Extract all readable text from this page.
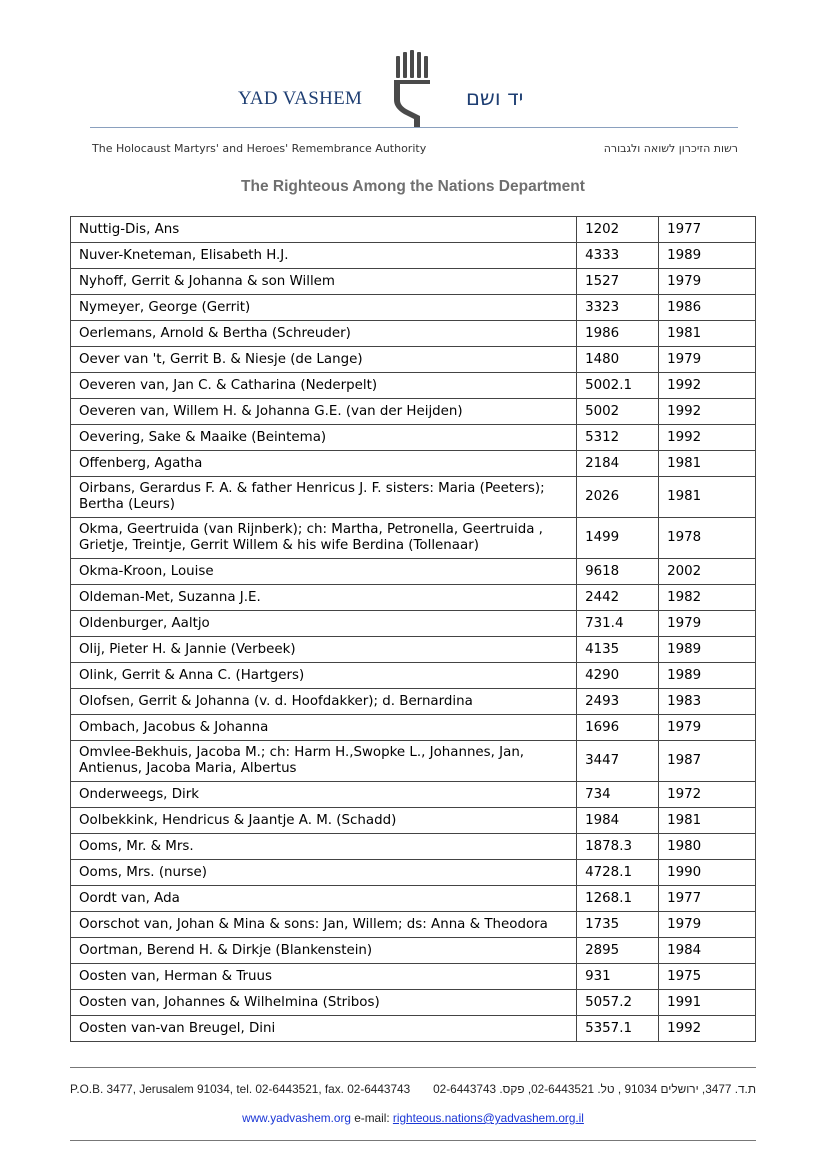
YAD VASHEM	יד ושם
The Holocaust Martyrs' and Heroes' Remembrance Authority	רשות הזיכרון לשואה ולגבורה
The Righteous Among the Nations Department
Nuttig-Dis, Ans	1202	1977
Nuver-Kneteman, Elisabeth H.J.	4333	1989
Nyhoff, Gerrit & Johanna & son Willem	1527	1979
Nymeyer, George (Gerrit)	3323	1986
Oerlemans, Arnold & Bertha (Schreuder)	1986	1981
Oever van 't, Gerrit B. & Niesje (de Lange)	1480	1979
Oeveren van, Jan C. & Catharina (Nederpelt)	5002.1	1992
Oeveren van, Willem H. & Johanna G.E. (van der Heijden)	5002	1992
Oevering, Sake & Maaike (Beintema)	5312	1992
Offenberg, Agatha	2184	1981
Oirbans, Gerardus F. A. & father Henricus J. F. sisters: Maria (Peeters); Bertha (Leurs)	2026	1981
Okma, Geertruida (van Rijnberk); ch: Martha, Petronella, Geertruida , Grietje, Treintje, Gerrit Willem & his wife Berdina (Tollenaar)	1499	1978
Okma-Kroon, Louise	9618	2002
Oldeman-Met, Suzanna J.E.	2442	1982
Oldenburger, Aaltjo	731.4	1979
Olij, Pieter H. & Jannie (Verbeek)	4135	1989
Olink, Gerrit & Anna C. (Hartgers)	4290	1989
Olofsen, Gerrit & Johanna (v. d. Hoofdakker); d. Bernardina	2493	1983
Ombach, Jacobus & Johanna	1696	1979
Omvlee-Bekhuis, Jacoba M.; ch: Harm H.,Swopke L., Johannes, Jan, Antienus, Jacoba Maria, Albertus	3447	1987
Onderweegs, Dirk	734	1972
Oolbekkink, Hendricus & Jaantje A. M. (Schadd)	1984	1981
Ooms, Mr. & Mrs.	1878.3	1980
Ooms, Mrs. (nurse)	4728.1	1990
Oordt van, Ada	1268.1	1977
Oorschot van, Johan & Mina & sons: Jan, Willem; ds: Anna & Theodora	1735	1979
Oortman, Berend H. & Dirkje (Blankenstein)	2895	1984
Oosten van, Herman & Truus	931	1975
Oosten van, Johannes & Wilhelmina (Stribos)	5057.2	1991
Oosten van-van Breugel, Dini	5357.1	1992
P.O.B. 3477, Jerusalem 91034, tel. 02-6443521, fax. 02-6443743 ת.ד. 3477, ירושלים 91034 , טל. 02-6443521, פקס. 02-6443743
www.yadvashem.org e-mail: righteous.nations@yadvashem.org.il
